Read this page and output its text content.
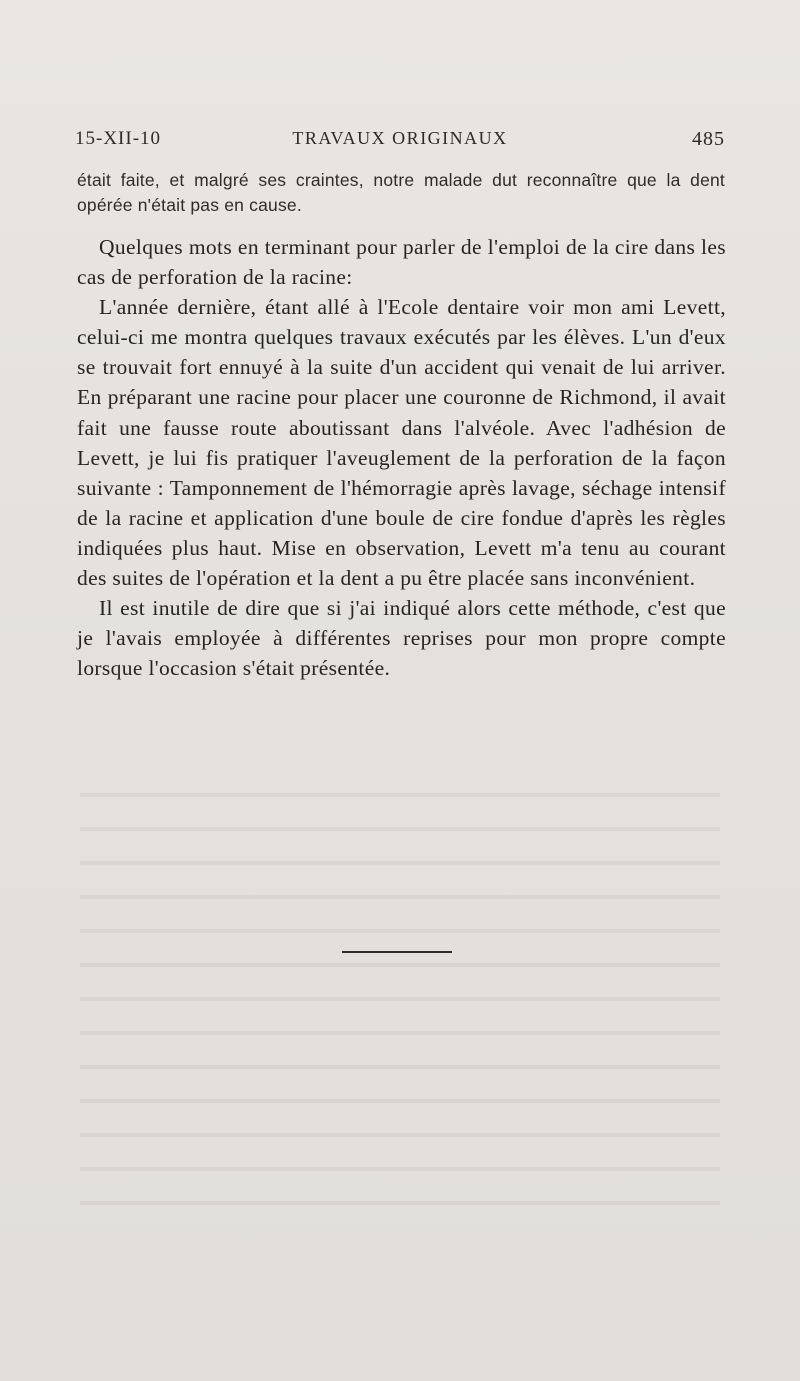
15-XII-10	TRAVAUX ORIGINAUX	485
était faite, et malgré ses craintes, notre malade dut reconnaître que la dent opérée n'était pas en cause.

Quelques mots en terminant pour parler de l'emploi de la cire dans les cas de perforation de la racine:

L'année dernière, étant allé à l'Ecole dentaire voir mon ami Levett, celui-ci me montra quelques travaux exécutés par les élèves. L'un d'eux se trouvait fort ennuyé à la suite d'un accident qui venait de lui arriver. En préparant une racine pour placer une couronne de Richmond, il avait fait une fausse route aboutissant dans l'alvéole. Avec l'adhésion de Levett, je lui fis pratiquer l'aveuglement de la perforation de la façon suivante : Tamponnement de l'hémorragie après lavage, séchage intensif de la racine et application d'une boule de cire fondue d'après les règles indiquées plus haut. Mise en observation, Levett m'a tenu au courant des suites de l'opération et la dent a pu être placée sans inconvénient.

Il est inutile de dire que si j'ai indiqué alors cette méthode, c'est que je l'avais employée à différentes reprises pour mon propre compte lorsque l'occasion s'était présentée.
